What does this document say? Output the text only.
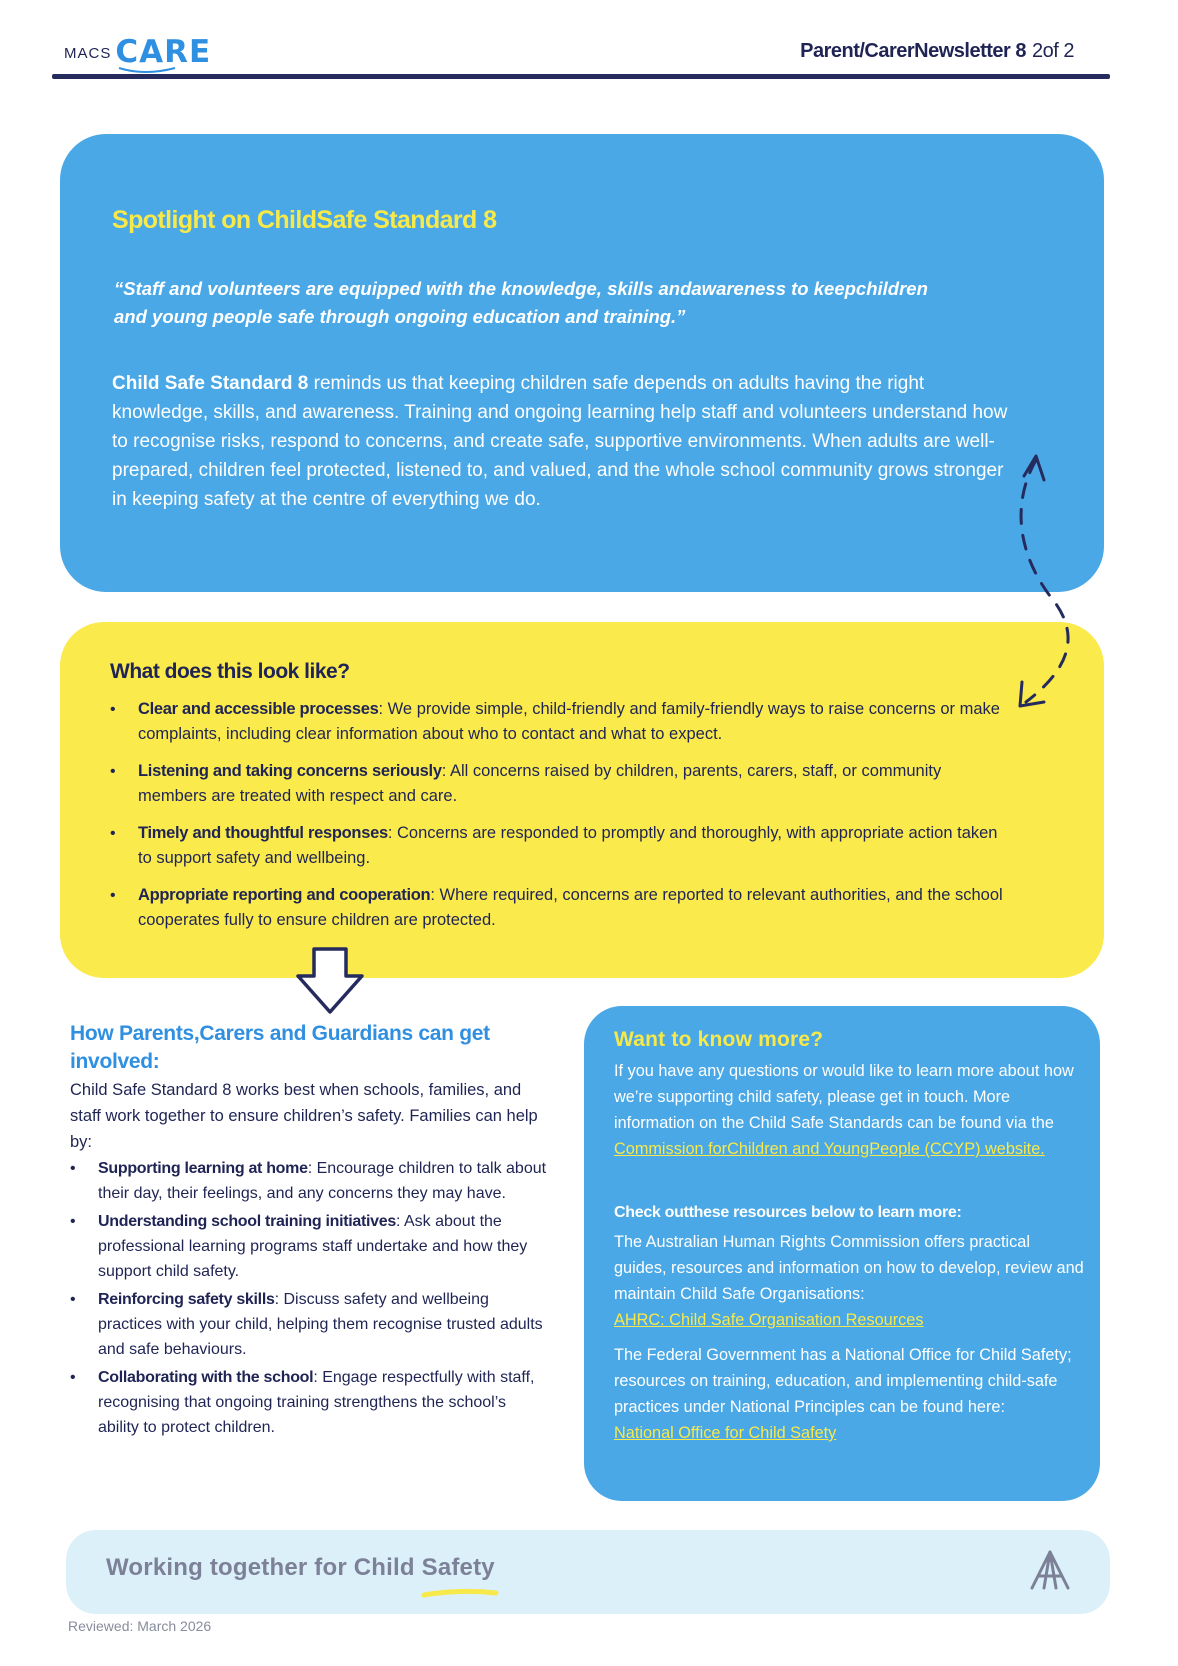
MACS CARE	Parent/CarerNewsletter 8 2of 2
Spotlight on ChildSafe Standard 8
“Staff and volunteers are equipped with the knowledge, skills andawareness to keepchildren
and young people safe through ongoing education and training.”
Child Safe Standard 8 reminds us that keeping children safe depends on adults having the right knowledge, skills, and awareness. Training and ongoing learning help staff and volunteers understand how to recognise risks, respond to concerns, and create safe, supportive environments. When adults are well-prepared, children feel protected, listened to, and valued, and the whole school community grows stronger in keeping safety at the centre of everything we do.
What does this look like?
• Clear and accessible processes: We provide simple, child-friendly and family-friendly ways to raise concerns or make complaints, including clear information about who to contact and what to expect.
• Listening and taking concerns seriously: All concerns raised by children, parents, carers, staff, or community members are treated with respect and care.
• Timely and thoughtful responses: Concerns are responded to promptly and thoroughly, with appropriate action taken to support safety and wellbeing.
• Appropriate reporting and cooperation: Where required, concerns are reported to relevant authorities, and the school cooperates fully to ensure children are protected.
How Parents,Carers and Guardians can get involved:
Child Safe Standard 8 works best when schools, families, and staff work together to ensure children’s safety. Families can help by:
• Supporting learning at home: Encourage children to talk about their day, their feelings, and any concerns they may have.
• Understanding school training initiatives: Ask about the professional learning programs staff undertake and how they support child safety.
• Reinforcing safety skills: Discuss safety and wellbeing practices with your child, helping them recognise trusted adults and safe behaviours.
• Collaborating with the school: Engage respectfully with staff, recognising that ongoing training strengthens the school’s ability to protect children.
Want to know more?
If you have any questions or would like to learn more about how we’re supporting child safety, please get in touch. More information on the Child Safe Standards can be found via the Commission forChildren and YoungPeople (CCYP) website.
Check outthese resources below to learn more:
The Australian Human Rights Commission offers practical guides, resources and information on how to develop, review and maintain Child Safe Organisations:
AHRC: Child Safe Organisation Resources
The Federal Government has a National Office for Child Safety; resources on training, education, and implementing child-safe practices under National Principles can be found here:
National Office for Child Safety
Working together for Child Safety
Reviewed: March 2026
